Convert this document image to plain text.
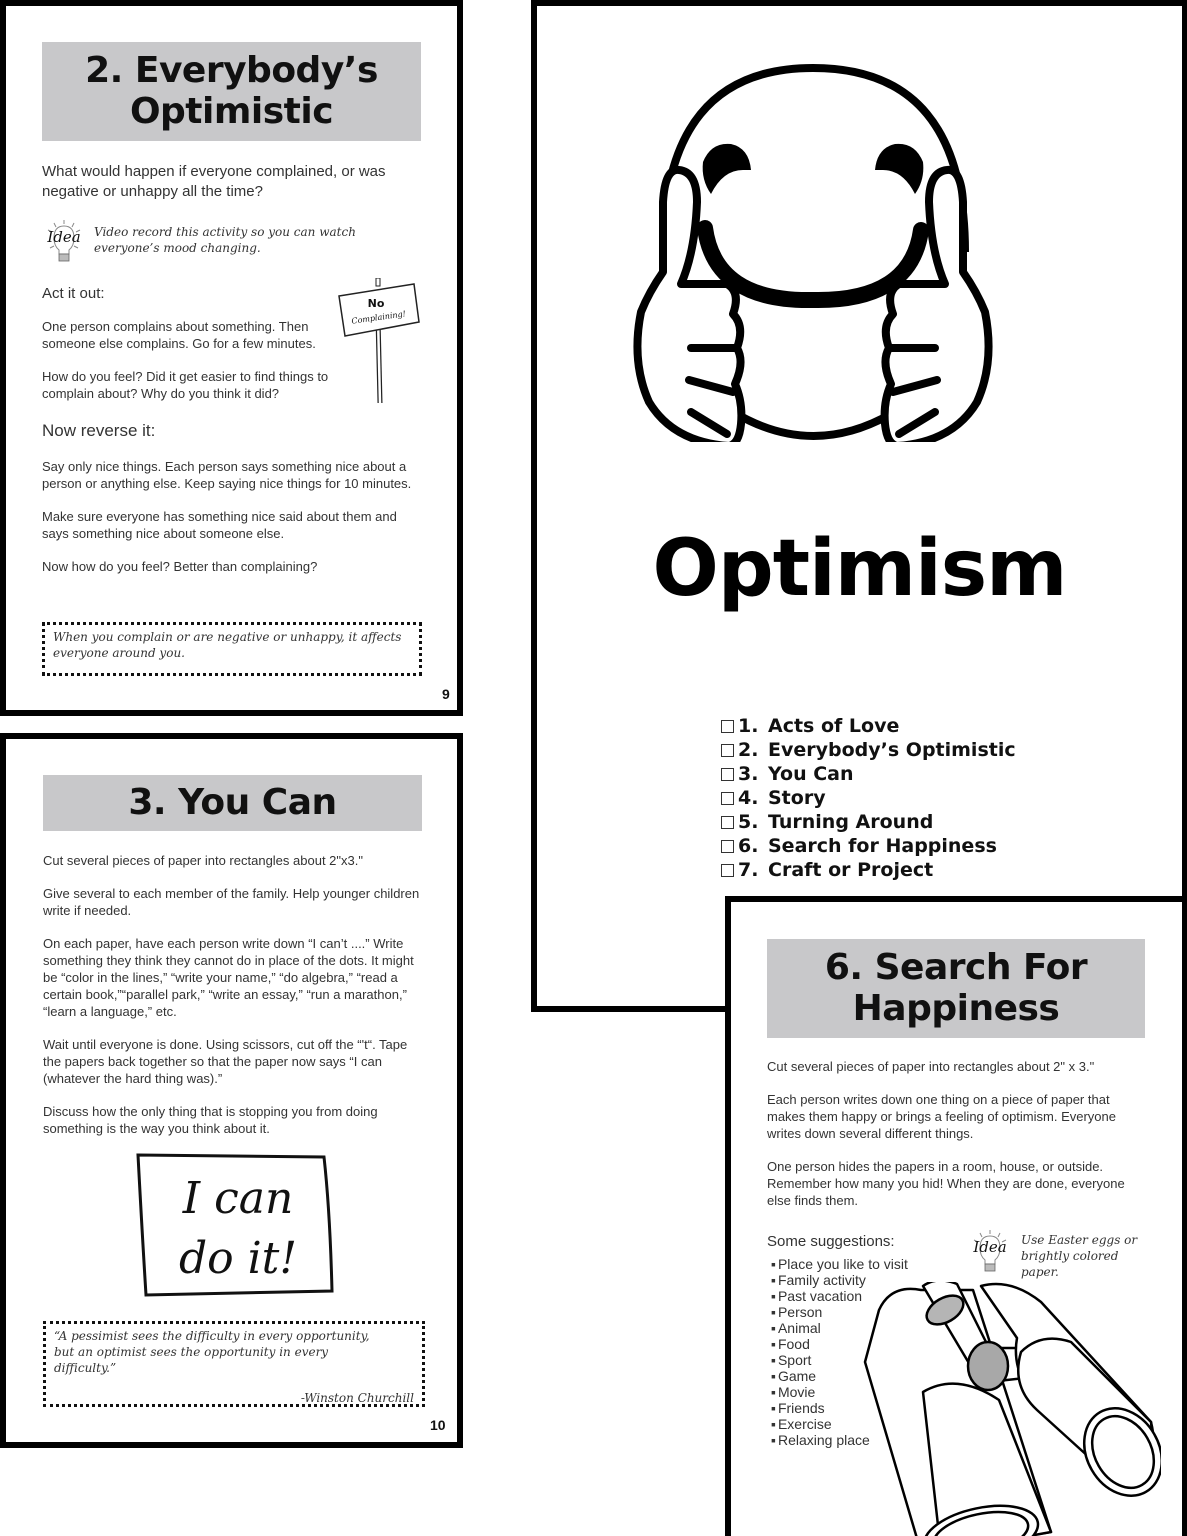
2. Everybody’s
Optimistic
What would happen if everyone complained, or was negative or unhappy all the time?
Idea Video record this activity so you can watch everyone’s mood changing.
Act it out:
No
Complaining!

One person complains about something. Then someone else complains. Go for a few minutes.

How do you feel? Did it get easier to find things to complain about? Why do you think it did?

Now reverse it:

Say only nice things. Each person says something nice about a person or anything else. Keep saying nice things for 10 minutes.

Make sure everyone has something nice said about them and says something nice about someone else.

Now how do you feel? Better than complaining?

When you complain or are negative or unhappy, it affects everyone around you.
9
3. You Can

Cut several pieces of paper into rectangles about 2"x3."

Give several to each member of the family. Help younger children write if needed.

On each paper, have each person write down “I can’t ....” Write something they think they cannot do in place of the dots. It might be “color in the lines,” “write your name,” “do algebra,” “read a certain book,”“parallel park,” “write an essay,” “run a marathon,” “learn a language,” etc.

Wait until everyone is done. Using scissors, cut off the “'t“. Tape the papers back together so that the paper now says “I can (whatever the hard thing was).”

Discuss how the only thing that is stopping you from doing something is the way you think about it.

I can
do it!
“A pessimist sees the difficulty in every opportunity, but an optimist sees the opportunity in every difficulty.”
-Winston Churchill
10
Optimism
1. Acts of Love
2. Everybody’s Optimistic
3. You Can
4. Story
5. Turning Around
6. Search for Happiness
7. Craft or Project
6. Search For
Happiness

Cut several pieces of paper into rectangles about 2" x 3."

Each person writes down one thing on a piece of paper that makes them happy or brings a feeling of optimism. Everyone writes down several different things.

One person hides the papers in a room, house, or outside. Remember how many you hid! When they are done, everyone else finds them.

Some suggestions:	Idea Use Easter eggs or brightly colored paper.
▪ Place you like to visit
▪ Family activity
▪ Past vacation
▪ Person
▪ Animal
▪ Food
▪ Sport
▪ Game
▪ Movie
▪ Friends
▪ Exercise
▪ Relaxing place
